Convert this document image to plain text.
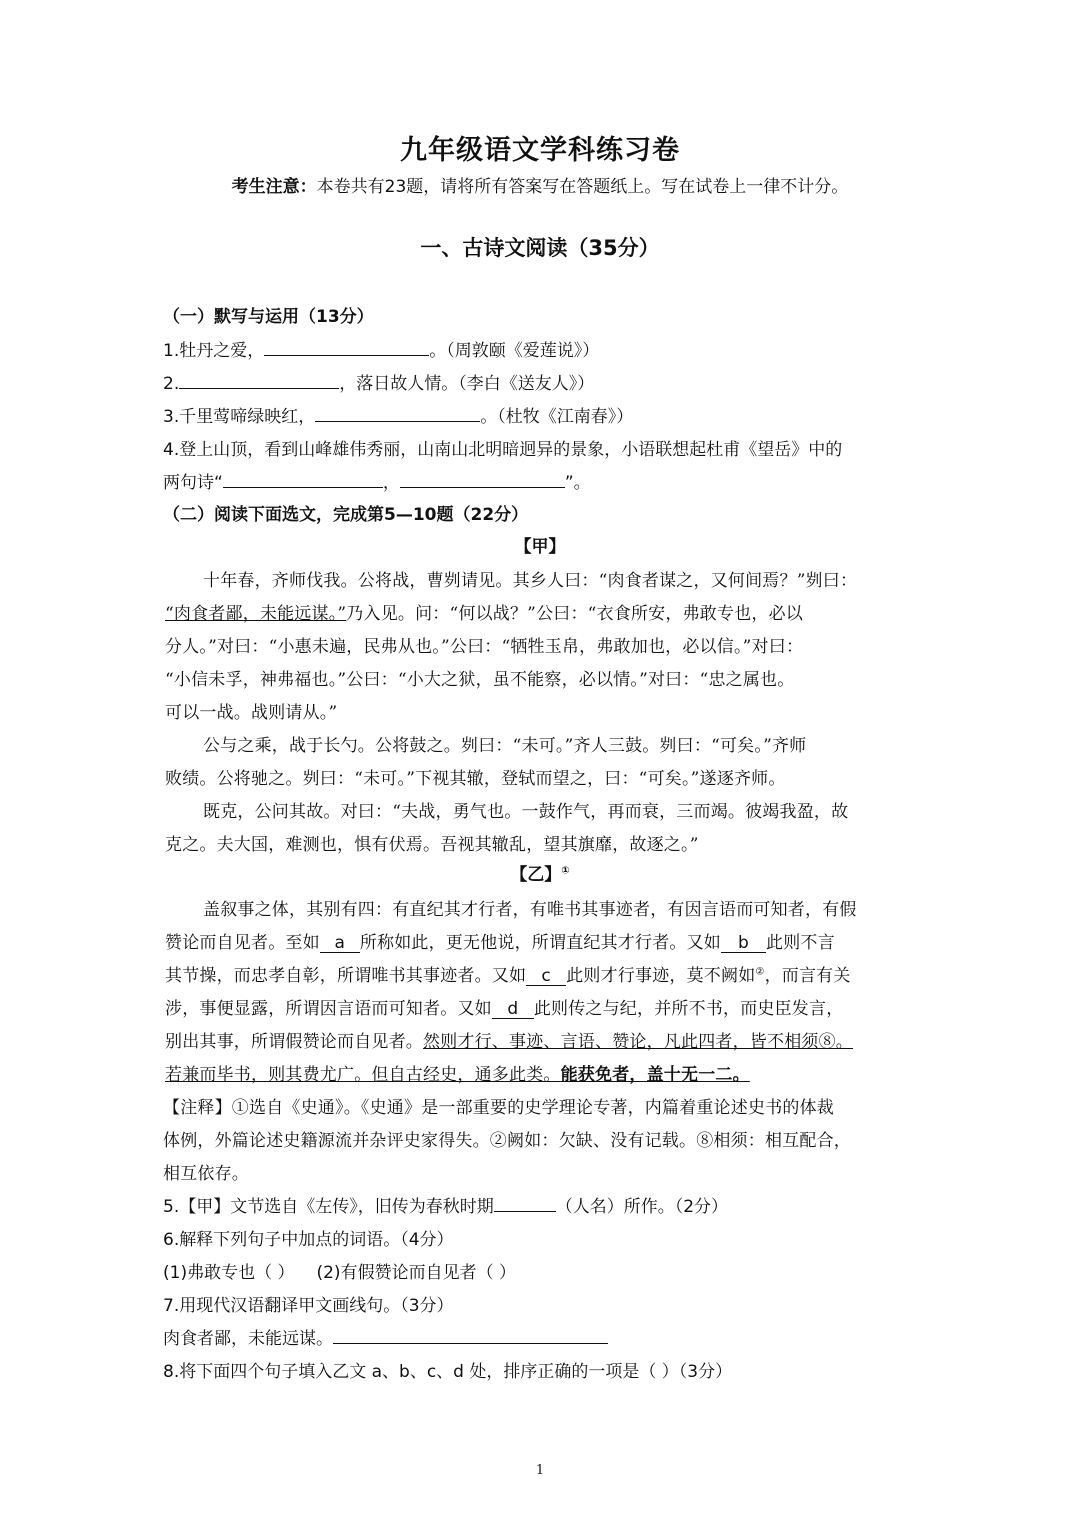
九年级语文学科练习卷
考生注意：本卷共有23题，请将所有答案写在答题纸上。写在试卷上一律不计分。
一、古诗文阅读（35分）
（一）默写与运用（13分）
1.牡丹之爱，	。（周敦颐《爱莲说》）
2.	，落日故人情。（李白《送友人》）
3.千里莺啼绿映红，	。（杜牧《江南春》）
4.登上山顶，看到山峰雄伟秀丽，山南山北明暗迥异的景象，小语联想起杜甫《望岳》中的
两句诗“	，	”。
（二）阅读下面选文，完成第5—10题（22分）
【甲】
十年春，齐师伐我。公将战，曹刿请见。其乡人曰：“肉食者谋之，又何间焉？”刿曰：
“肉食者鄙，未能远谋。”乃入见。问：“何以战？”公曰：“衣食所安，弗敢专也，必以
分人。”对曰：“小惠未遍，民弗从也。”公曰：“牺牲玉帛，弗敢加也，必以信。”对曰：
“小信未孚，神弗福也。”公曰：“小大之狱，虽不能察，必以情。”对曰：“忠之属也。
可以一战。战则请从。”
公与之乘，战于长勺。公将鼓之。刿曰：“未可。”齐人三鼓。刿曰：“可矣。”齐师
败绩。公将驰之。刿曰：“未可。”下视其辙，登轼而望之，曰：“可矣。”遂逐齐师。
既克，公问其故。对曰：“夫战，勇气也。一鼓作气，再而衰，三而竭。彼竭我盈，故
克之。夫大国，难测也，惧有伏焉。吾视其辙乱，望其旗靡，故逐之。”
【乙】①
盖叙事之体，其别有四：有直纪其才行者，有唯书其事迹者，有因言语而可知者，有假
赞论而自见者。至如 a 所称如此，更无他说，所谓直纪其才行者。又如 b 此则不言
其节操，而忠孝自彰，所谓唯书其事迹者。又如 c 此则才行事迹，莫不阙如②，而言有关
涉，事便显露，所谓因言语而可知者。又如 d 此则传之与纪，并所不书，而史臣发言，
别出其事，所谓假赞论而自见者。然则才行、事迹、言语、赞论，凡此四者，皆不相须⑧。
若兼而毕书，则其费尤广。但自古经史，通多此类。能获免者，盖十无一二。
【注释】①选自《史通》。《史通》是一部重要的史学理论专著，内篇着重论述史书的体裁
体例，外篇论述史籍源流并杂评史家得失。②阙如：欠缺、没有记载。⑧相须：相互配合，
相互依存。
5.【甲】文节选自《左传》，旧传为春秋时期	（人名）所作。（2分）
6.解释下列句子中加点的词语。（4分）
(1)弗敢专也（ ） (2)有假赞论而自见者（ ）
7.用现代汉语翻译甲文画线句。（3分）
肉食者鄙，未能远谋。
8.将下面四个句子填入乙文 a、b、c、d 处，排序正确的一项是（ ）（3分）
1
